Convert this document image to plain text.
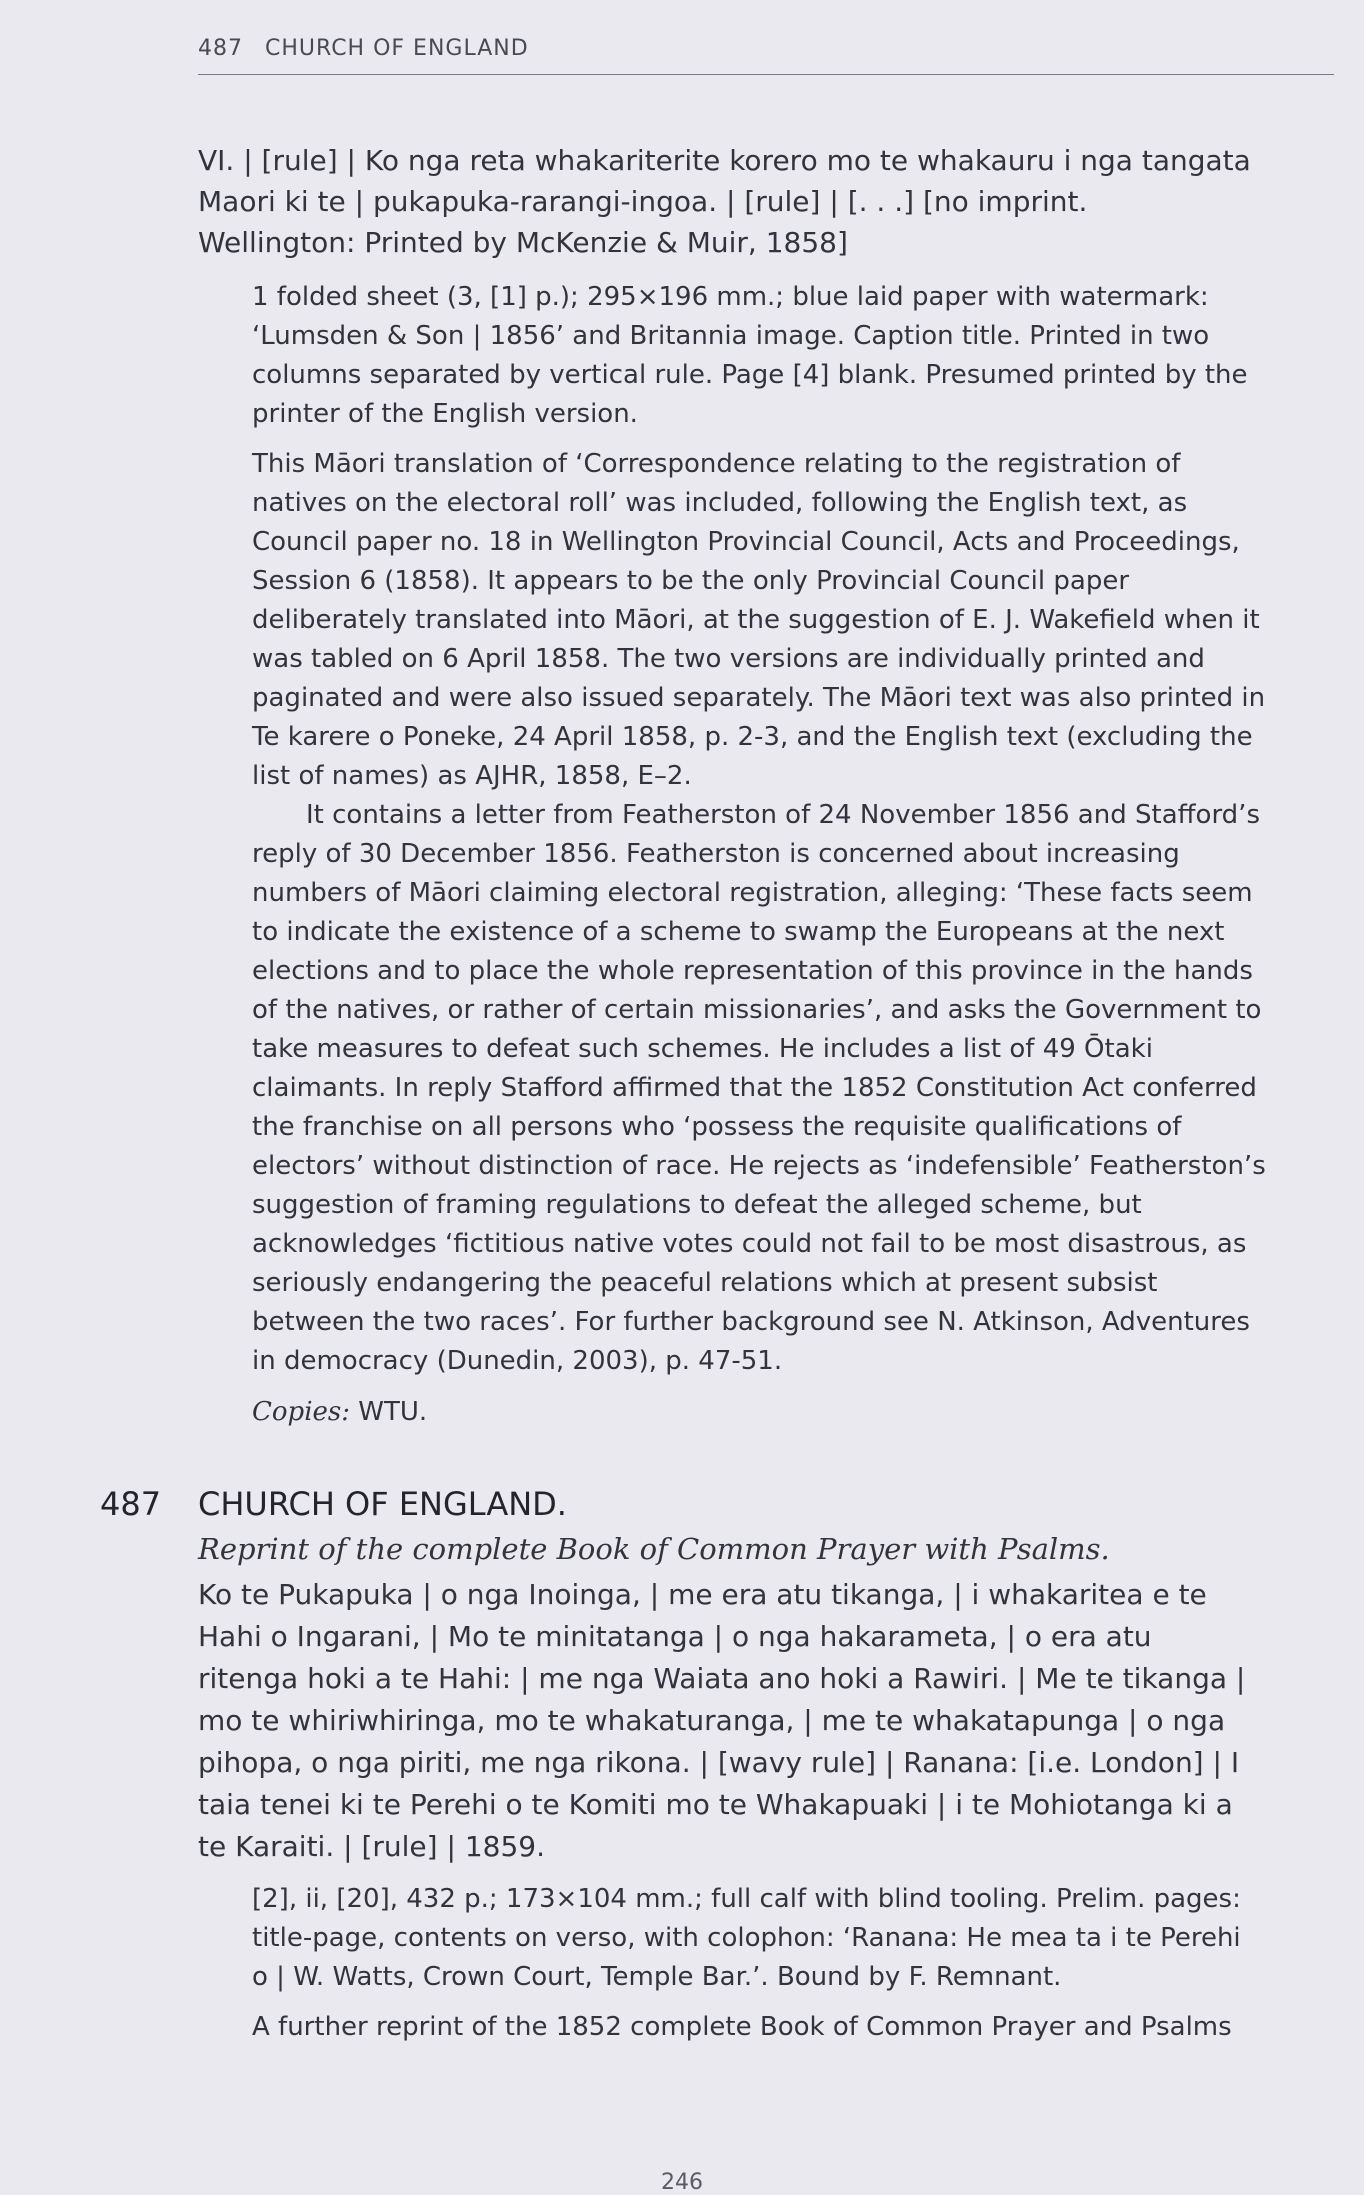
487 CHURCH OF ENGLAND
VI. | [rule] | Ko nga reta whakariterite korero mo te whakauru i nga tangata
Maori ki te | pukapuka-rarangi-ingoa. | [rule] | [. . .] [no imprint.
Wellington: Printed by McKenzie & Muir, 1858]
1 folded sheet (3, [1] p.); 295×196 mm.; blue laid paper with watermark:
‘Lumsden & Son | 1856’ and Britannia image. Caption title. Printed in two
columns separated by vertical rule. Page [4] blank. Presumed printed by the
printer of the English version.
This Māori translation of ‘Correspondence relating to the registration of
natives on the electoral roll’ was included, following the English text, as
Council paper no. 18 in Wellington Provincial Council, Acts and Proceedings,
Session 6 (1858). It appears to be the only Provincial Council paper
deliberately translated into Māori, at the suggestion of E. J. Wakefield when it
was tabled on 6 April 1858. The two versions are individually printed and
paginated and were also issued separately. The Māori text was also printed in
Te karere o Poneke, 24 April 1858, p. 2-3, and the English text (excluding the
list of names) as AJHR, 1858, E–2.
It contains a letter from Featherston of 24 November 1856 and Stafford’s
reply of 30 December 1856. Featherston is concerned about increasing
numbers of Māori claiming electoral registration, alleging: ‘These facts seem
to indicate the existence of a scheme to swamp the Europeans at the next
elections and to place the whole representation of this province in the hands
of the natives, or rather of certain missionaries’, and asks the Government to
take measures to defeat such schemes. He includes a list of 49 Ōtaki
claimants. In reply Stafford affirmed that the 1852 Constitution Act conferred
the franchise on all persons who ‘possess the requisite qualifications of
electors’ without distinction of race. He rejects as ‘indefensible’ Featherston’s
suggestion of framing regulations to defeat the alleged scheme, but
acknowledges ‘fictitious native votes could not fail to be most disastrous, as
seriously endangering the peaceful relations which at present subsist
between the two races’. For further background see N. Atkinson, Adventures
in democracy (Dunedin, 2003), p. 47-51.
Copies: WTU.
487 CHURCH OF ENGLAND.
Reprint of the complete Book of Common Prayer with Psalms.
Ko te Pukapuka | o nga Inoinga, | me era atu tikanga, | i whakaritea e te
Hahi o Ingarani, | Mo te minitatanga | o nga hakarameta, | o era atu
ritenga hoki a te Hahi: | me nga Waiata ano hoki a Rawiri. | Me te tikanga |
mo te whiriwhiringa, mo te whakaturanga, | me te whakatapunga | o nga
pihopa, o nga piriti, me nga rikona. | [wavy rule] | Ranana: [i.e. London] | I
taia tenei ki te Perehi o te Komiti mo te Whakapuaki | i te Mohiotanga ki a
te Karaiti. | [rule] | 1859.
[2], ii, [20], 432 p.; 173×104 mm.; full calf with blind tooling. Prelim. pages:
title-page, contents on verso, with colophon: ‘Ranana: He mea ta i te Perehi
o | W. Watts, Crown Court, Temple Bar.’. Bound by F. Remnant.
A further reprint of the 1852 complete Book of Common Prayer and Psalms
246
